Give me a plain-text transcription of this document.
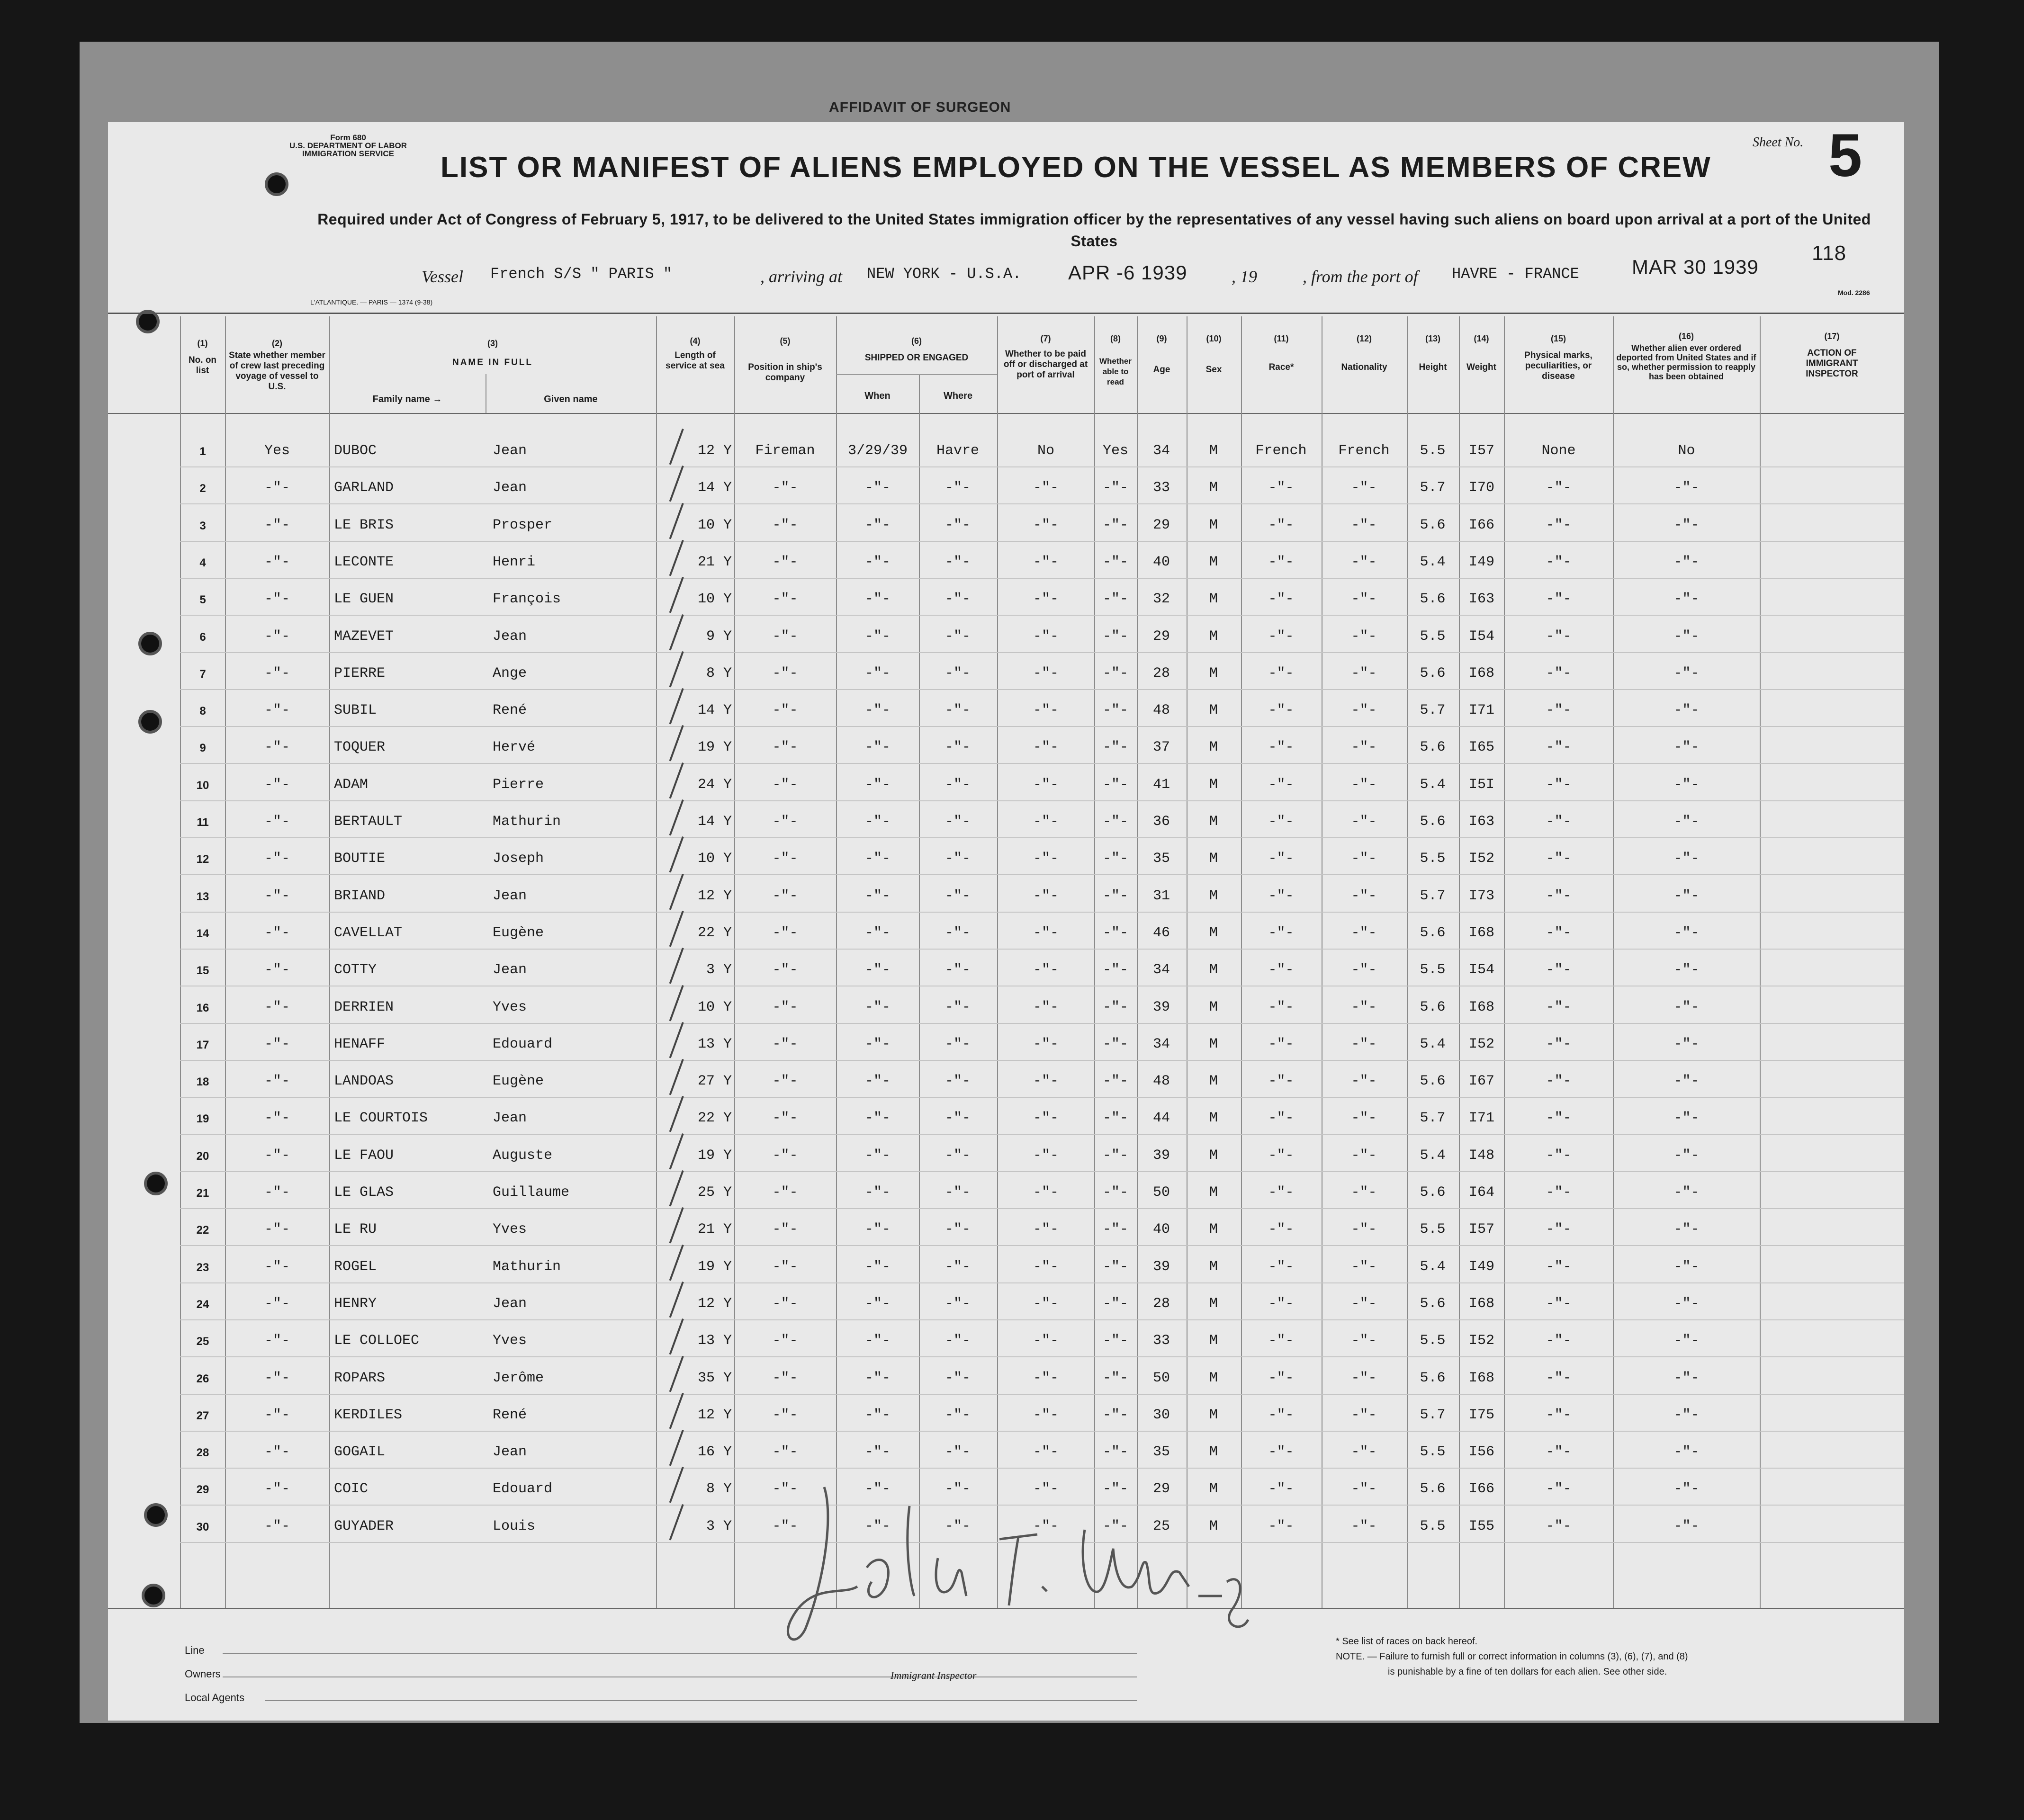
AFFIDAVIT OF SURGEON
Form 680
U.S. DEPARTMENT OF LABOR
IMMIGRATION SERVICE	LIST OR MANIFEST OF ALIENS EMPLOYED ON THE VESSEL AS MEMBERS OF CREW
Sheet No. 5
Required under Act of Congress of February 5, 1917, to be delivered to the United States immigration officer by the representatives of any vessel having such aliens on board upon arrival at a port of the United States
118
Vessel French S/S " PARIS "	, arriving at NEW YORK - U.S.A. APR -6 1939	, 19	, from the port of HAVRE - FRANCE	MAR 30 1939
L'ATLANTIQUE. — PARIS — 1374 (9-38)
Mod. 2286
(1)
No. on list
(2)
State whether member of crew last preceding voyage of vessel to U.S.
(3)
NAME IN FULL
Family name →	Given name
(4)
Length of service at sea
(5)
Position in ship's company
(6)
SHIPPED OR ENGAGED
When	Where
(7)
Whether to be paid off or discharged at port of arrival
(8)
Whether able to read
(9)
Age
(10)
Sex
(11)
Race*
(12)
Nationality
(13)
Height
(14)
Weight
(15)
Physical marks, peculiarities, or disease
(16)
Whether alien ever ordered deported from United States and if so, whether permission to reapply has been obtained
(17)
ACTION OF IMMIGRANT INSPECTOR
1	Yes	DUBOC	Jean	12 Y	Fireman	3/29/39	Havre	No	Yes	34	M	French	French	5.5	I57	None	No
2	-"-	GARLAND	Jean	14 Y	-"-	-"-	-"-	-"-	-"-	33	M	-"-	-"-	5.7	I70	-"-	-"-
3	-"-	LE BRIS	Prosper	10 Y	-"-	-"-	-"-	-"-	-"-	29	M	-"-	-"-	5.6	I66	-"-	-"-
4	-"-	LECONTE	Henri	21 Y	-"-	-"-	-"-	-"-	-"-	40	M	-"-	-"-	5.4	I49	-"-	-"-
5	-"-	LE GUEN	François	10 Y	-"-	-"-	-"-	-"-	-"-	32	M	-"-	-"-	5.6	I63	-"-	-"-
6	-"-	MAZEVET	Jean	9 Y	-"-	-"-	-"-	-"-	-"-	29	M	-"-	-"-	5.5	I54	-"-	-"-
7	-"-	PIERRE	Ange	8 Y	-"-	-"-	-"-	-"-	-"-	28	M	-"-	-"-	5.6	I68	-"-	-"-
8	-"-	SUBIL	René	14 Y	-"-	-"-	-"-	-"-	-"-	48	M	-"-	-"-	5.7	I71	-"-	-"-
9	-"-	TOQUER	Hervé	19 Y	-"-	-"-	-"-	-"-	-"-	37	M	-"-	-"-	5.6	I65	-"-	-"-
10	-"-	ADAM	Pierre	24 Y	-"-	-"-	-"-	-"-	-"-	41	M	-"-	-"-	5.4	I5I	-"-	-"-
11	-"-	BERTAULT	Mathurin	14 Y	-"-	-"-	-"-	-"-	-"-	36	M	-"-	-"-	5.6	I63	-"-	-"-
12	-"-	BOUTIE	Joseph	10 Y	-"-	-"-	-"-	-"-	-"-	35	M	-"-	-"-	5.5	I52	-"-	-"-
13	-"-	BRIAND	Jean	12 Y	-"-	-"-	-"-	-"-	-"-	31	M	-"-	-"-	5.7	I73	-"-	-"-
14	-"-	CAVELLAT	Eugène	22 Y	-"-	-"-	-"-	-"-	-"-	46	M	-"-	-"-	5.6	I68	-"-	-"-
15	-"-	COTTY	Jean	3 Y	-"-	-"-	-"-	-"-	-"-	34	M	-"-	-"-	5.5	I54	-"-	-"-
16	-"-	DERRIEN	Yves	10 Y	-"-	-"-	-"-	-"-	-"-	39	M	-"-	-"-	5.6	I68	-"-	-"-
17	-"-	HENAFF	Edouard	13 Y	-"-	-"-	-"-	-"-	-"-	34	M	-"-	-"-	5.4	I52	-"-	-"-
18	-"-	LANDOAS	Eugène	27 Y	-"-	-"-	-"-	-"-	-"-	48	M	-"-	-"-	5.6	I67	-"-	-"-
19	-"-	LE COURTOIS	Jean	22 Y	-"-	-"-	-"-	-"-	-"-	44	M	-"-	-"-	5.7	I71	-"-	-"-
20	-"-	LE FAOU	Auguste	19 Y	-"-	-"-	-"-	-"-	-"-	39	M	-"-	-"-	5.4	I48	-"-	-"-
21	-"-	LE GLAS	Guillaume	25 Y	-"-	-"-	-"-	-"-	-"-	50	M	-"-	-"-	5.6	I64	-"-	-"-
22	-"-	LE RU	Yves	21 Y	-"-	-"-	-"-	-"-	-"-	40	M	-"-	-"-	5.5	I57	-"-	-"-
23	-"-	ROGEL	Mathurin	19 Y	-"-	-"-	-"-	-"-	-"-	39	M	-"-	-"-	5.4	I49	-"-	-"-
24	-"-	HENRY	Jean	12 Y	-"-	-"-	-"-	-"-	-"-	28	M	-"-	-"-	5.6	I68	-"-	-"-
25	-"-	LE COLLOEC	Yves	13 Y	-"-	-"-	-"-	-"-	-"-	33	M	-"-	-"-	5.5	I52	-"-	-"-
26	-"-	ROPARS	Jerôme	35 Y	-"-	-"-	-"-	-"-	-"-	50	M	-"-	-"-	5.6	I68	-"-	-"-
27	-"-	KERDILES	René	12 Y	-"-	-"-	-"-	-"-	-"-	30	M	-"-	-"-	5.7	I75	-"-	-"-
28	-"-	GOGAIL	Jean	16 Y	-"-	-"-	-"-	-"-	-"-	35	M	-"-	-"-	5.5	I56	-"-	-"-
29	-"-	COIC	Edouard	8 Y	-"-	-"-	-"-	-"-	-"-	29	M	-"-	-"-	5.6	I66	-"-	-"-
30	-"-	GUYADER	Louis	3 Y	-"-	-"-	-"-	-"-	-"-	25	M	-"-	-"-	5.5	I55	-"-	-"-
Line
Owners
Local Agents
Immigrant Inspector
* See list of races on back hereof.
NOTE. — Failure to furnish full or correct information in columns (3), (6), (7), and (8)
is punishable by a fine of ten dollars for each alien. See other side.
